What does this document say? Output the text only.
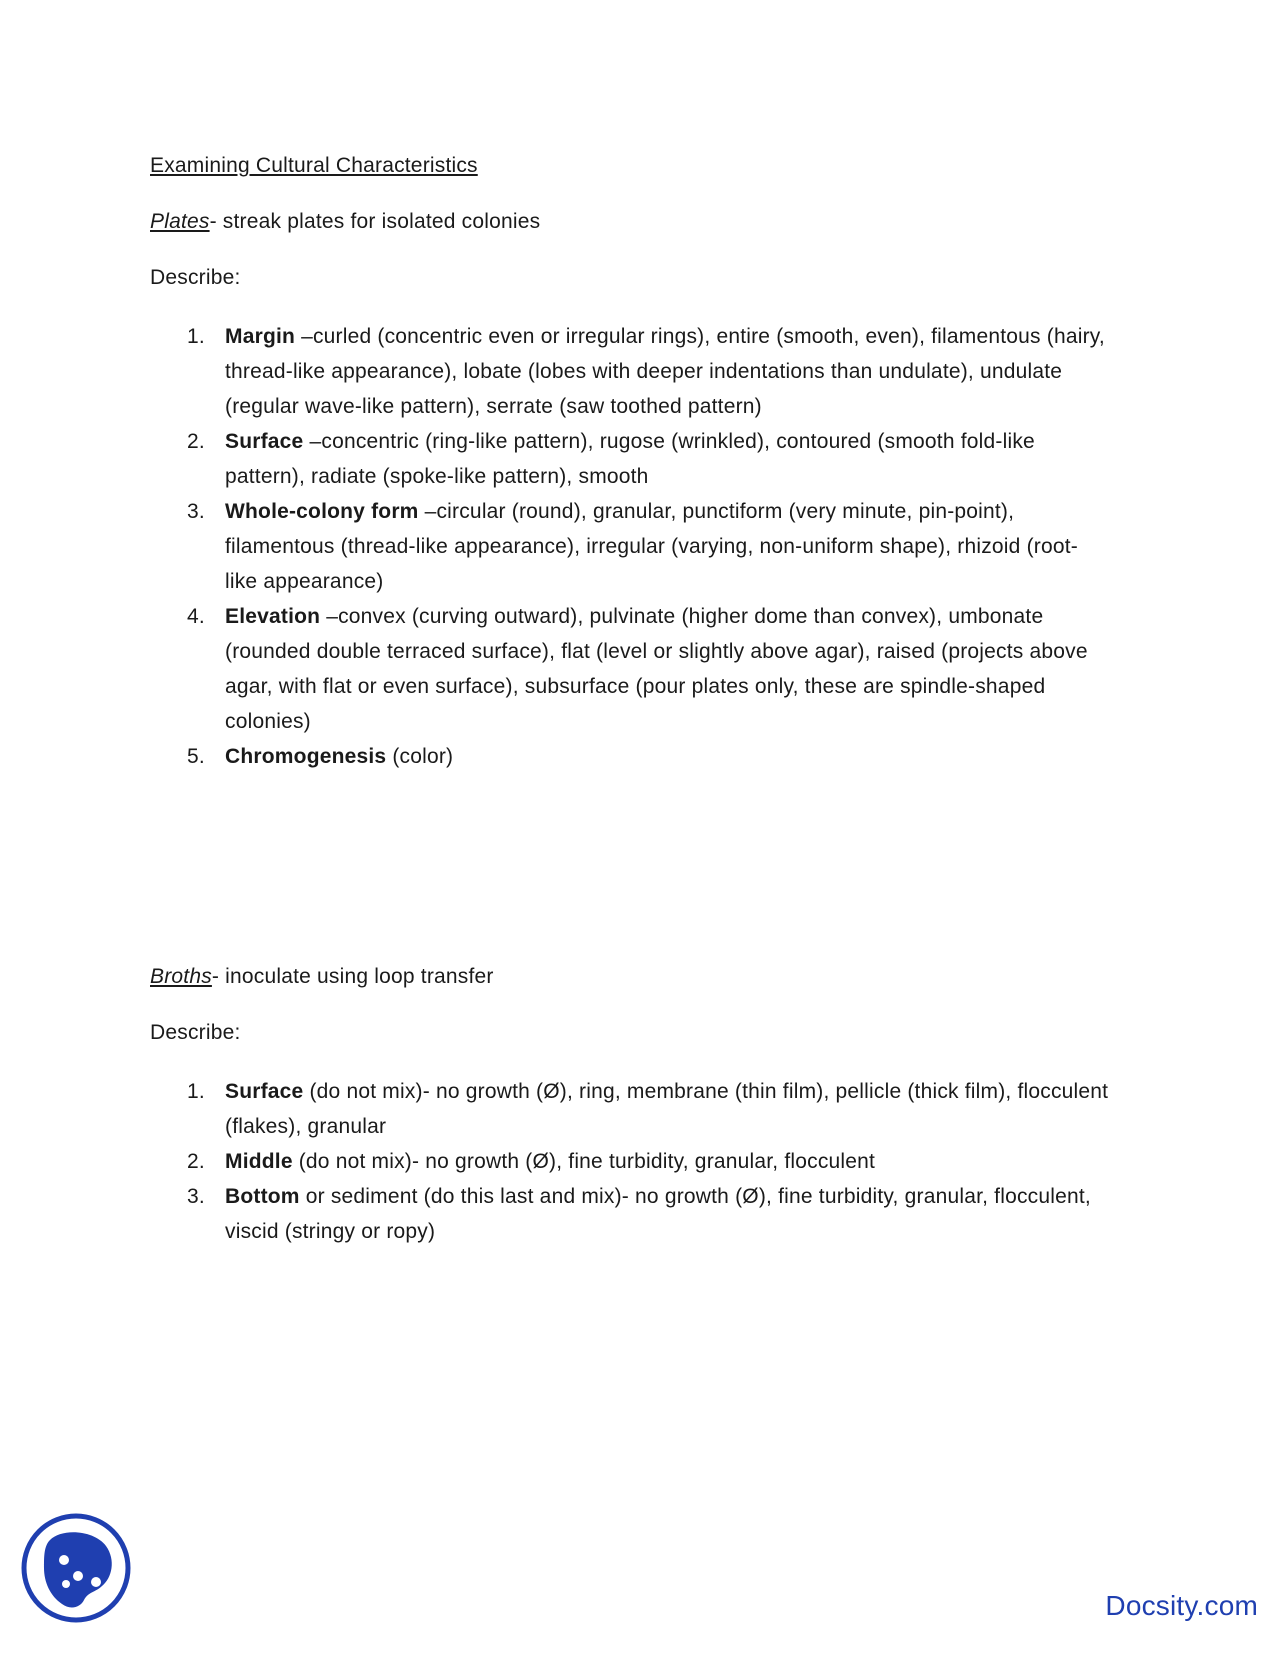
Examining Cultural Characteristics
Plates- streak plates for isolated colonies
Describe:
1. Margin –curled (concentric even or irregular rings), entire (smooth, even), filamentous (hairy, thread-like appearance), lobate (lobes with deeper indentations than undulate), undulate (regular wave-like pattern), serrate (saw toothed pattern)
2. Surface –concentric (ring-like pattern), rugose (wrinkled), contoured (smooth fold-like pattern), radiate (spoke-like pattern), smooth
3. Whole-colony form –circular (round), granular, punctiform (very minute, pin-point), filamentous (thread-like appearance), irregular (varying, non-uniform shape), rhizoid (root-like appearance)
4. Elevation –convex (curving outward), pulvinate (higher dome than convex), umbonate (rounded double terraced surface), flat (level or slightly above agar), raised (projects above agar, with flat or even surface), subsurface (pour plates only, these are spindle-shaped colonies)
5. Chromogenesis (color)
Broths- inoculate using loop transfer
Describe:
1. Surface (do not mix)- no growth (Ø), ring, membrane (thin film), pellicle (thick film), flocculent (flakes), granular
2. Middle (do not mix)- no growth (Ø), fine turbidity, granular, flocculent
3. Bottom or sediment (do this last and mix)- no growth (Ø), fine turbidity, granular, flocculent, viscid (stringy or ropy)
Docsity.com
